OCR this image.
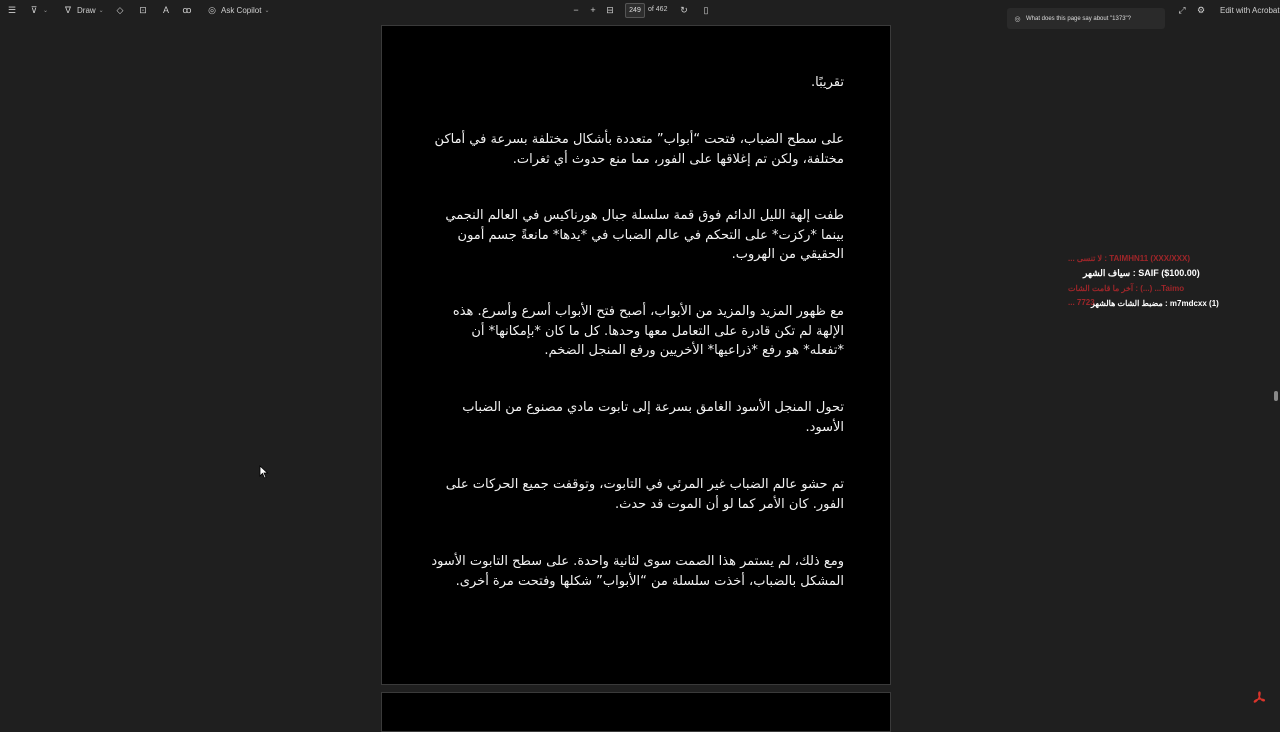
☰	⊽ ⌄	∇ Draw ⌄ ◇ ⊡	A	ꝏ ◎ Ask Copilot ⌄	−	+	⊟	249	of 462 ↻	▯	⤢ ⚙ Edit with Acrobat
◎ What does this page say about "1373"?
تقريبًا.
على سطح الضباب، فتحت “أبواب” متعددة بأشكال مختلفة بسرعة في أماكن مختلفة، ولكن تم إغلاقها على الفور، مما منع حدوث أي ثغرات.
طفت إلهة الليل الدائم فوق قمة سلسلة جبال هورناكيس في العالم النجمي بينما *ركزت* على التحكم في عالم الضباب في *يدها* مانعةً جسم أمون الحقيقي من الهروب.
مع ظهور المزيد والمزيد من الأبواب، أصبح فتح الأبواب أسرع وأسرع. هذه الإلهة لم تكن قادرة على التعامل معها وحدها. كل ما كان *بإمكانها* أن *تفعله* هو رفع *ذراعيها* الأخريين ورفع المنجل الضخم.
تحول المنجل الأسود الغامق بسرعة إلى تابوت مادي مصنوع من الضباب الأسود.
تم حشو عالم الضباب غير المرئي في التابوت، وتوقفت جميع الحركات على الفور. كان الأمر كما لو أن الموت قد حدث.
ومع ذلك، لم يستمر هذا الصمت سوى لثانية واحدة. على سطح التابوت الأسود المشكل بالضباب، أخذت سلسلة من “الأبواب” شكلها وفتحت مرة أخرى.
TAIMHN11 (XXX/XXX) : لا تنسى ...
SAIF ($100.00) : سياف الشهر
Taimo... (...) : آخر ما قامت الشات
7723 ...
m7mdcxx (1) : مضبط الشات هالشهر
